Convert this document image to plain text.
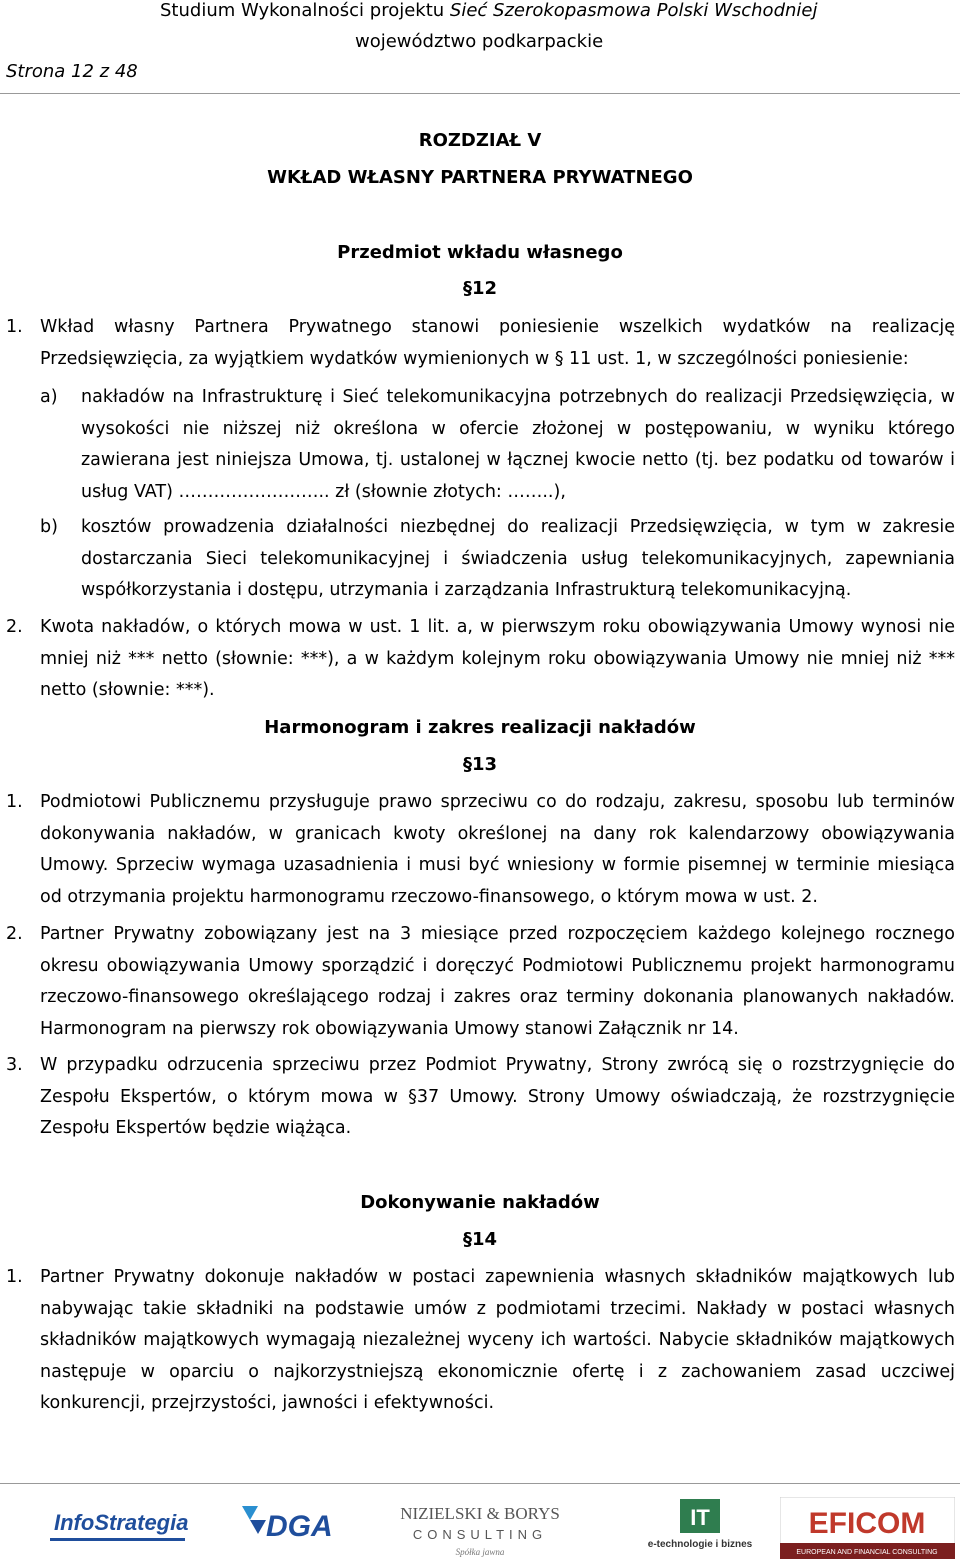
Studium Wykonalności projektu Sieć Szerokopasmowa Polski Wschodniej
województwo podkarpackie
Strona 12 z 48
ROZDZIAŁ V
WKŁAD WŁASNY PARTNERA PRYWATNEGO
Przedmiot wkładu własnego
§12
1. Wkład własny Partnera Prywatnego stanowi poniesienie wszelkich wydatków na realizację Przedsięwzięcia, za wyjątkiem wydatków wymienionych w § 11 ust. 1, w szczególności poniesienie:
a) nakładów na Infrastrukturę i Sieć telekomunikacyjna potrzebnych do realizacji Przedsięwzięcia, w wysokości nie niższej niż określona w ofercie złożonej w postępowaniu, w wyniku którego zawierana jest niniejsza Umowa, tj. ustalonej w łącznej kwocie netto (tj. bez podatku od towarów i usług VAT) …………………….. zł (słownie złotych: ……..),
b) kosztów prowadzenia działalności niezbędnej do realizacji Przedsięwzięcia, w tym w zakresie dostarczania Sieci telekomunikacyjnej i świadczenia usług telekomunikacyjnych, zapewniania współkorzystania i dostępu, utrzymania i zarządzania Infrastrukturą telekomunikacyjną.
2. Kwota nakładów, o których mowa w ust. 1 lit. a, w pierwszym roku obowiązywania Umowy wynosi nie mniej niż *** netto (słownie: ***), a w każdym kolejnym roku obowiązywania Umowy nie mniej niż *** netto (słownie: ***).
Harmonogram i zakres realizacji nakładów
§13
1. Podmiotowi Publicznemu przysługuje prawo sprzeciwu co do rodzaju, zakresu, sposobu lub terminów dokonywania nakładów, w granicach kwoty określonej na dany rok kalendarzowy obowiązywania Umowy. Sprzeciw wymaga uzasadnienia i musi być wniesiony w formie pisemnej w terminie miesiąca od otrzymania projektu harmonogramu rzeczowo-finansowego, o którym mowa w ust. 2.
2. Partner Prywatny zobowiązany jest na 3 miesiące przed rozpoczęciem każdego kolejnego rocznego okresu obowiązywania Umowy sporządzić i doręczyć Podmiotowi Publicznemu projekt harmonogramu rzeczowo-finansowego określającego rodzaj i zakres oraz terminy dokonania planowanych nakładów. Harmonogram na pierwszy rok obowiązywania Umowy stanowi Załącznik nr 14.
3. W przypadku odrzucenia sprzeciwu przez Podmiot Prywatny, Strony zwrócą się o rozstrzygnięcie do Zespołu Ekspertów, o którym mowa w §37 Umowy. Strony Umowy oświadczają, że rozstrzygnięcie Zespołu Ekspertów będzie wiążąca.
Dokonywanie nakładów
§14
1. Partner Prywatny dokonuje nakładów w postaci zapewnienia własnych składników majątkowych lub nabywając takie składniki na podstawie umów z podmiotami trzecimi. Nakłady w postaci własnych składników majątkowych wymagają niezależnej wyceny ich wartości. Nabycie składników majątkowych następuje w oparciu o najkorzystniejszą ekonomicznie ofertę i z zachowaniem zasad uczciwej konkurencji, przejrzystości, jawności i efektywności.
InfoStrategia	DGA	NIZIELSKI & BORYS
CONSULTING
Spółka jawna
IT
e-technologie i biznes
EFICOM
EUROPEAN AND FINANCIAL CONSULTING
